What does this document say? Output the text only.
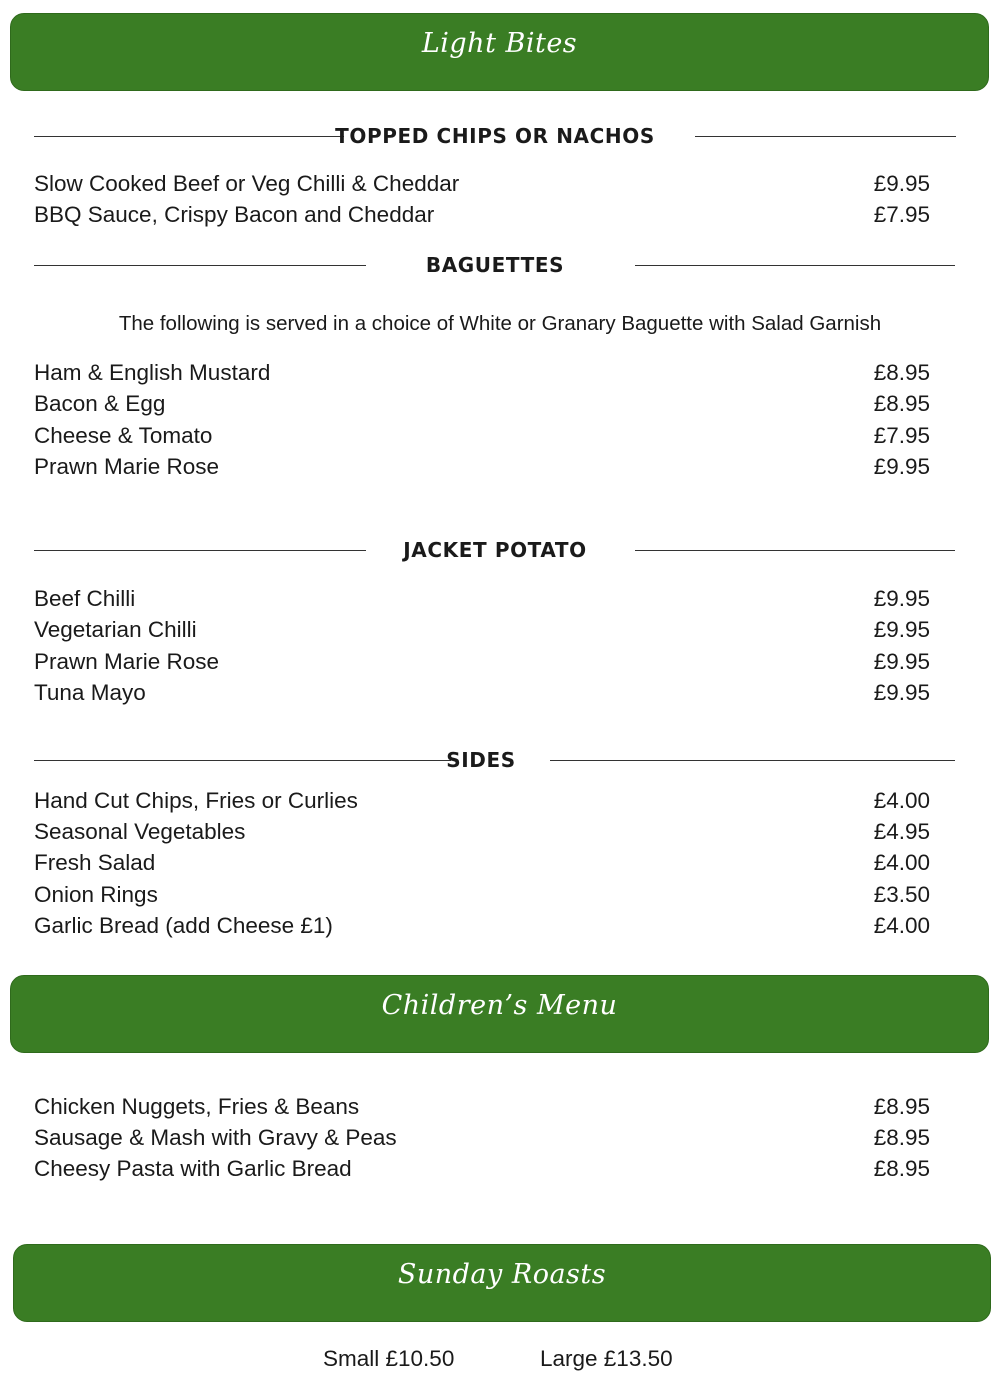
Light Bites
TOPPED CHIPS OR NACHOS
Slow Cooked Beef or Veg Chilli & Cheddar	£9.95
BBQ Sauce, Crispy Bacon and Cheddar	£7.95
BAGUETTES
The following is served in a choice of White or Granary Baguette with Salad Garnish
Ham & English Mustard	£8.95
Bacon & Egg	£8.95
Cheese & Tomato	£7.95
Prawn Marie Rose	£9.95
JACKET POTATO
Beef Chilli	£9.95
Vegetarian Chilli	£9.95
Prawn Marie Rose	£9.95
Tuna Mayo	£9.95
SIDES
Hand Cut Chips, Fries or Curlies	£4.00
Seasonal Vegetables	£4.95
Fresh Salad	£4.00
Onion Rings	£3.50
Garlic Bread (add Cheese £1)	£4.00
Children’s Menu
Chicken Nuggets, Fries & Beans	£8.95
Sausage & Mash with Gravy & Peas	£8.95
Cheesy Pasta with Garlic Bread	£8.95
Sunday Roasts
Small £10.50	Large £13.50
